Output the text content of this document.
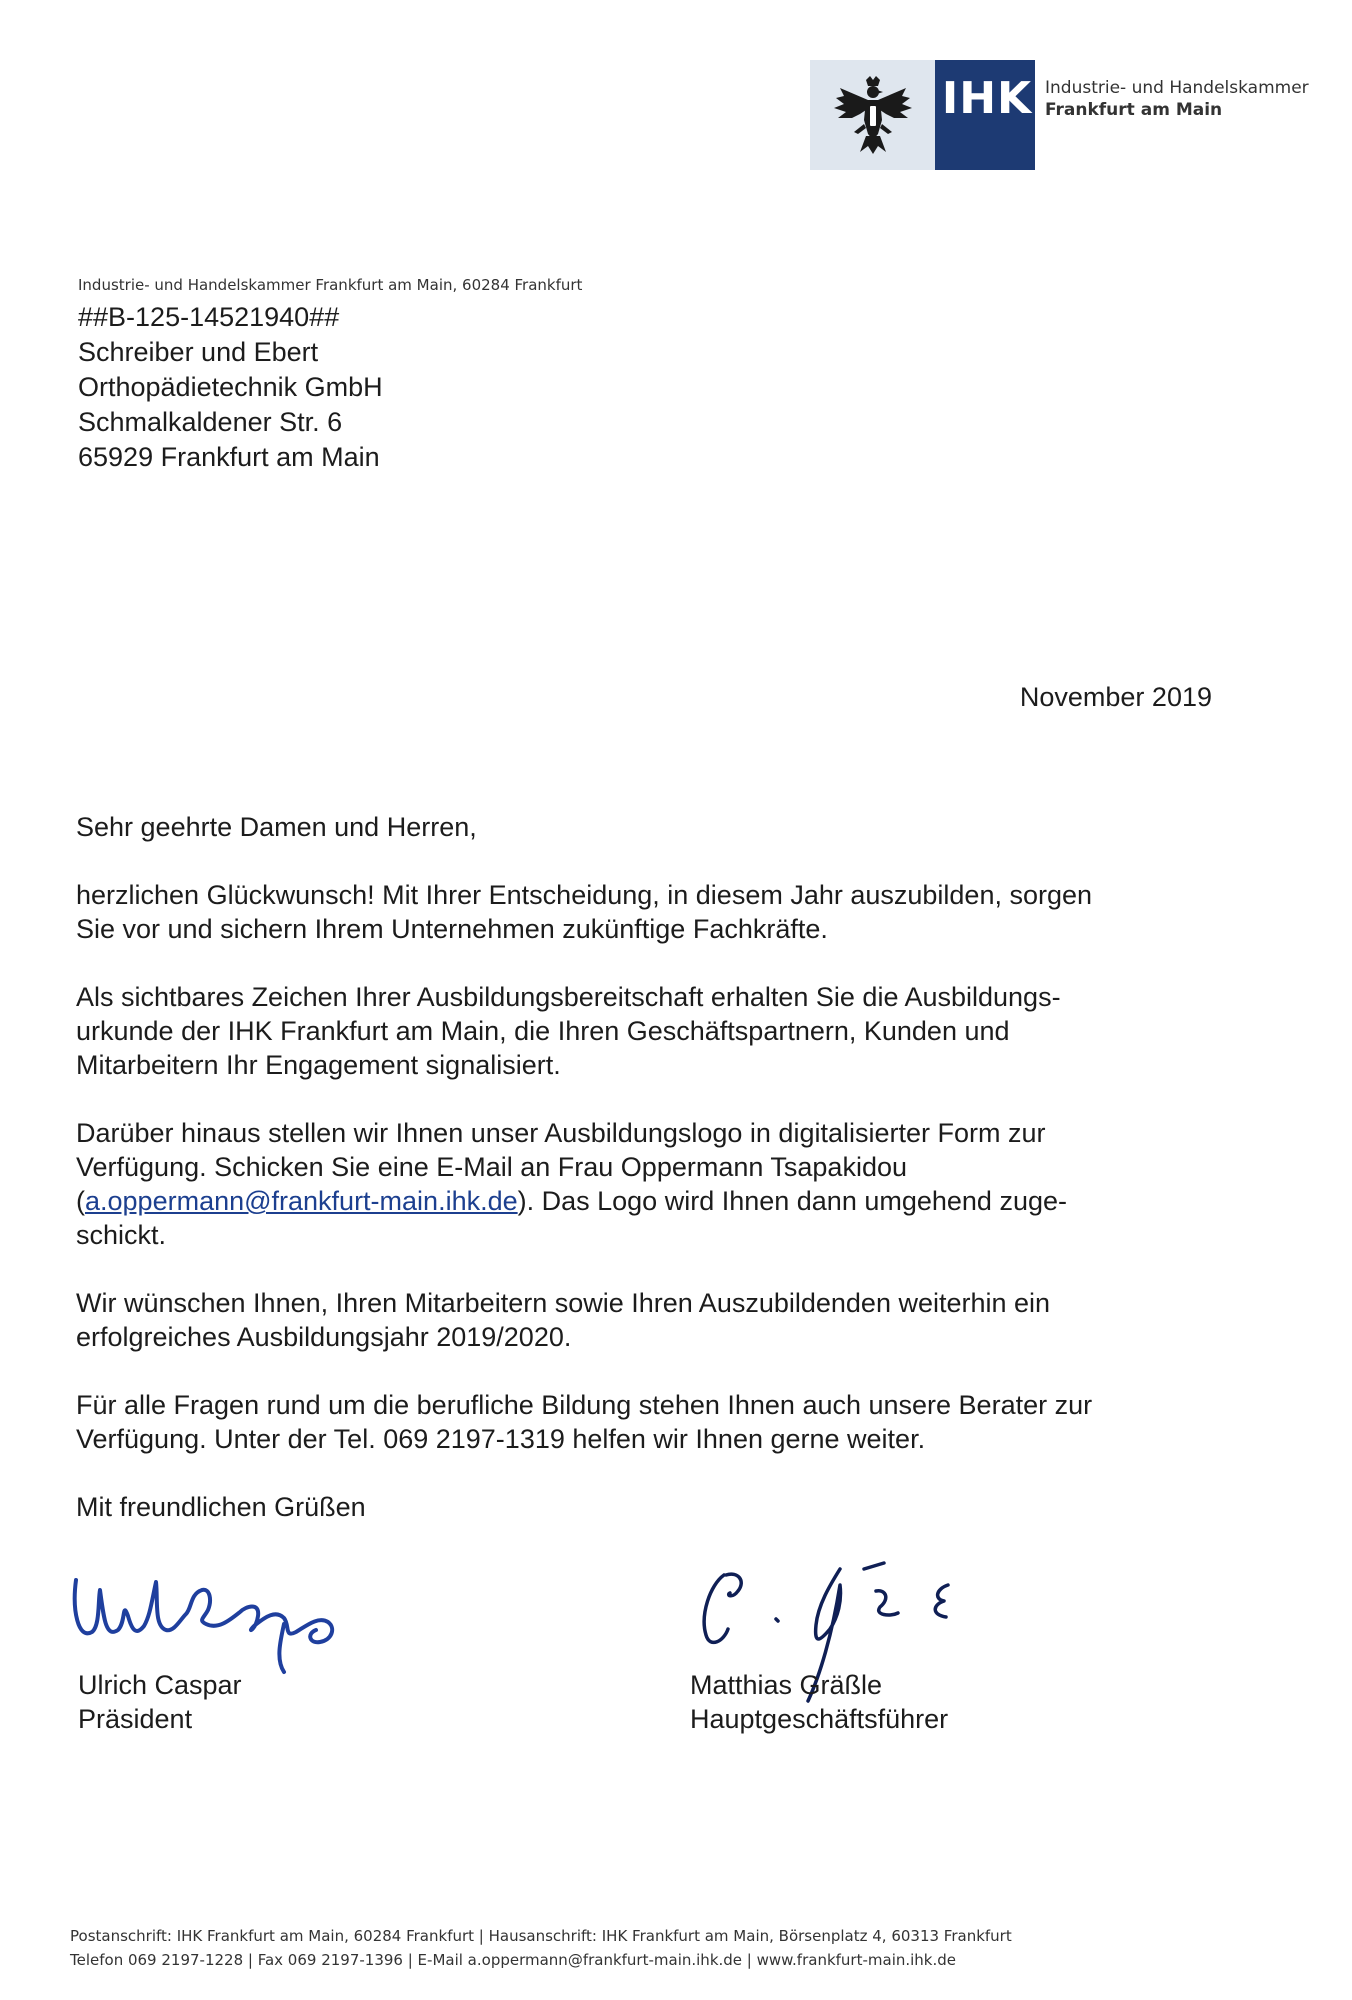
IHK Industrie- und Handelskammer
Frankfurt am Main
Industrie- und Handelskammer Frankfurt am Main, 60284 Frankfurt
##B-125-14521940##
Schreiber und Ebert
Orthopädietechnik GmbH
Schmalkaldener Str. 6
65929 Frankfurt am Main
November 2019

Sehr geehrte Damen und Herren,

herzlichen Glückwunsch! Mit Ihrer Entscheidung, in diesem Jahr auszubilden, sorgen
Sie vor und sichern Ihrem Unternehmen zukünftige Fachkräfte.

Als sichtbares Zeichen Ihrer Ausbildungsbereitschaft erhalten Sie die Ausbildungs-
urkunde der IHK Frankfurt am Main, die Ihren Geschäftspartnern, Kunden und
Mitarbeitern Ihr Engagement signalisiert.

Darüber hinaus stellen wir Ihnen unser Ausbildungslogo in digitalisierter Form zur
Verfügung. Schicken Sie eine E-Mail an Frau Oppermann Tsapakidou
(a.oppermann@frankfurt-main.ihk.de). Das Logo wird Ihnen dann umgehend zuge-
schickt.

Wir wünschen Ihnen, Ihren Mitarbeitern sowie Ihren Auszubildenden weiterhin ein
erfolgreiches Ausbildungsjahr 2019/2020.

Für alle Fragen rund um die berufliche Bildung stehen Ihnen auch unsere Berater zur
Verfügung. Unter der Tel. 069 2197-1319 helfen wir Ihnen gerne weiter.

Mit freundlichen Grüßen

Ulrich Caspar
Präsident
Matthias Gräßle
Hauptgeschäftsführer
Postanschrift: IHK Frankfurt am Main, 60284 Frankfurt | Hausanschrift: IHK Frankfurt am Main, Börsenplatz 4, 60313 Frankfurt
Telefon 069 2197-1228 | Fax 069 2197-1396 | E-Mail a.oppermann@frankfurt-main.ihk.de | www.frankfurt-main.ihk.de
